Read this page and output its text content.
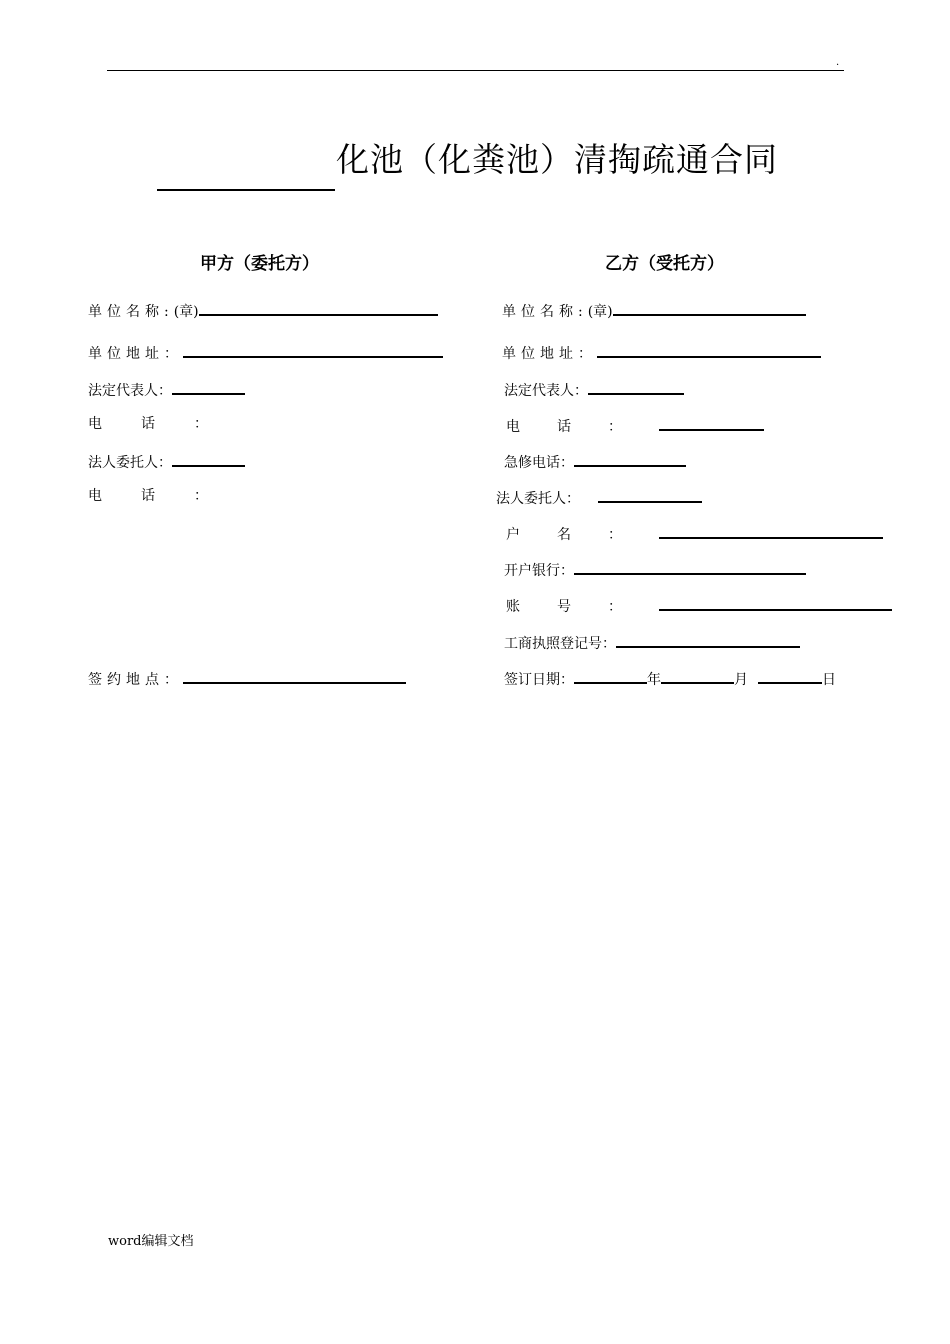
.
化池（化粪池）清掏疏通合同
甲方（委托方）
单位名称:(章)
单位地址：
法定代表人：
电话：
法人委托人：
电话：
签约地点：
乙方（受托方）
单位名称:(章)
单位地址：
法定代表人：
电话：
急修电话：
法人委托人：
户名：
开户银行：
账号：
工商执照登记号：
签订日期：	年	月	日
word编辑文档
